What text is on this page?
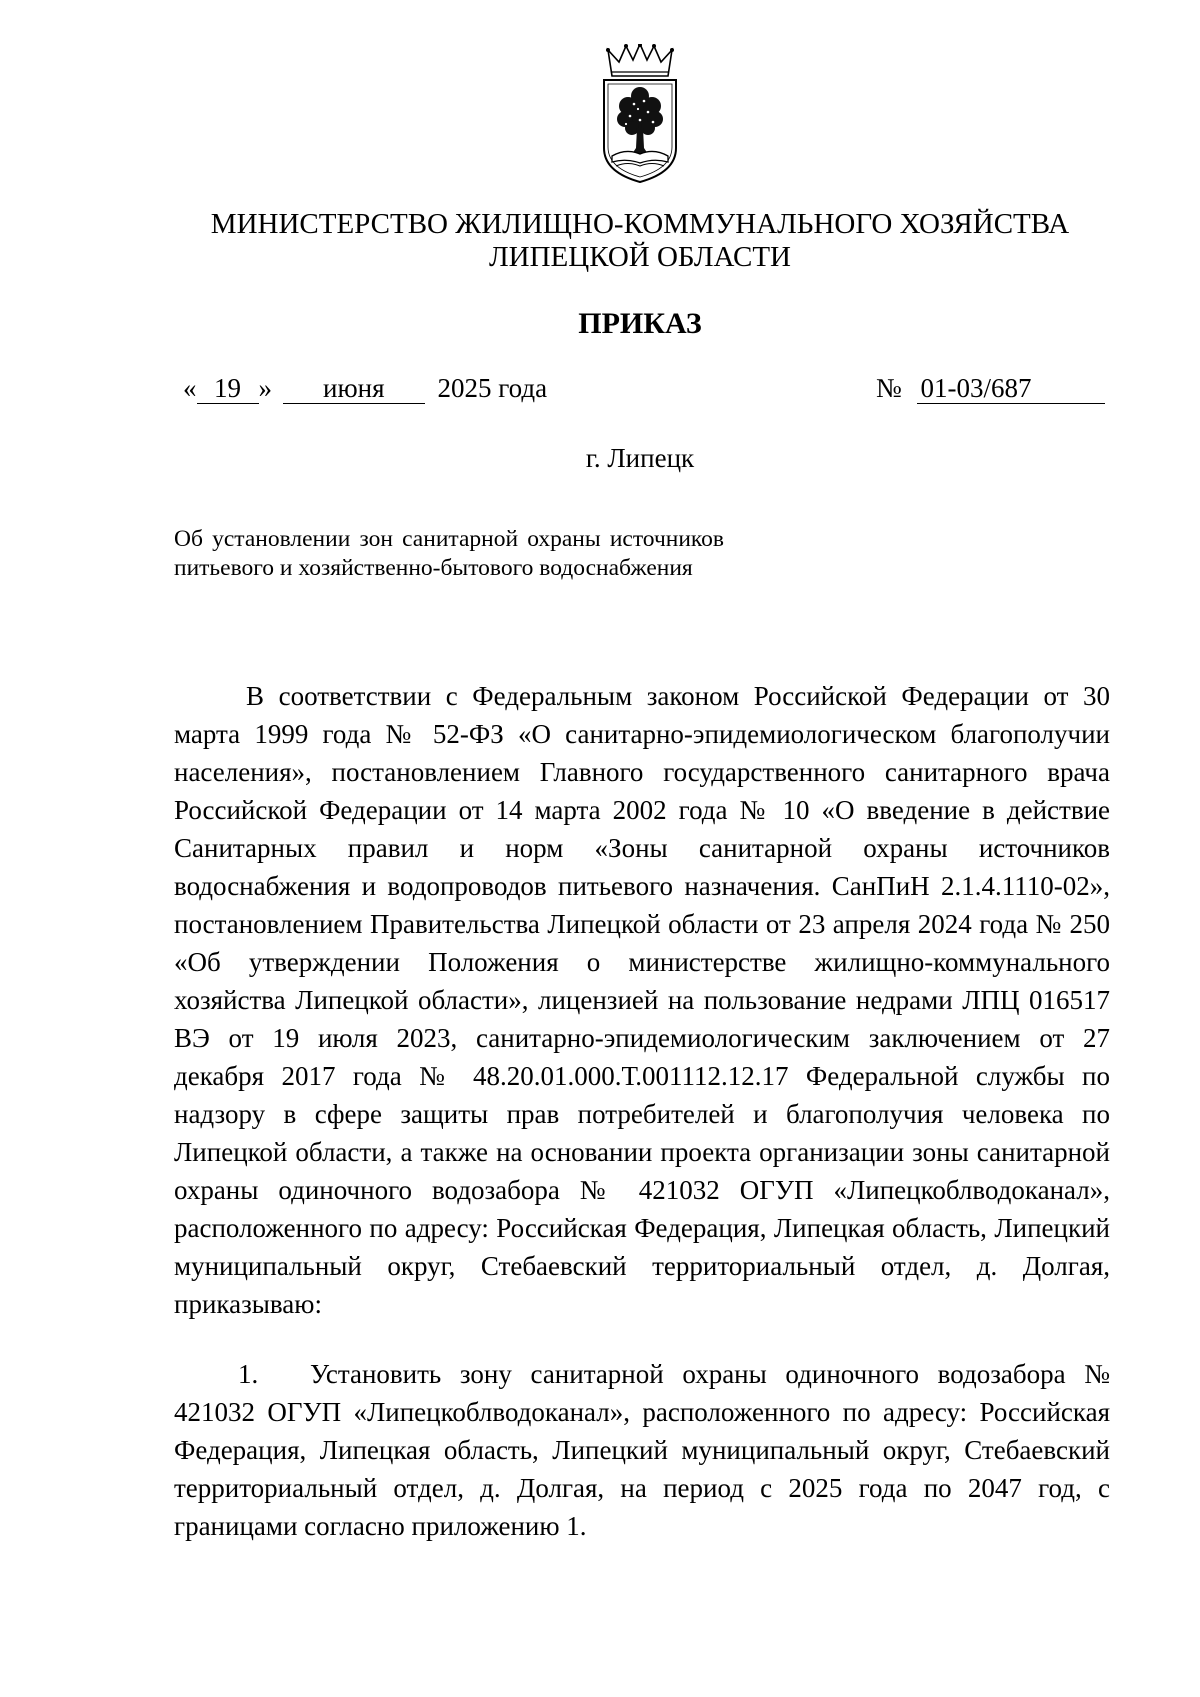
МИНИСТЕРСТВО ЖИЛИЩНО-КОММУНАЛЬНОГО ХОЗЯЙСТВА
ЛИПЕЦКОЙ ОБЛАСТИ
ПРИКАЗ
« 19 » июня 2025 года	№ 01-03/687
г. Липецк
Об установлении зон санитарной охраны источников питьевого и хозяйственно-бытового водоснабжения
В соответствии с Федеральным законом Российской Федерации от 30 марта 1999 года № 52-ФЗ «О санитарно-эпидемиологическом благополучии населения», постановлением Главного государственного санитарного врача Российской Федерации от 14 марта 2002 года № 10 «О введение в действие Санитарных правил и норм «Зоны санитарной охраны источников водоснабжения и водопроводов питьевого назначения. СанПиН 2.1.4.1110-02», постановлением Правительства Липецкой области от 23 апреля 2024 года № 250 «Об утверждении Положения о министерстве жилищно-коммунального хозяйства Липецкой области», лицензией на пользование недрами ЛПЦ 016517 ВЭ от 19 июля 2023, санитарно-эпидемиологическим заключением от 27 декабря 2017 года № 48.20.01.000.Т.001112.12.17 Федеральной службы по надзору в сфере защиты прав потребителей и благополучия человека по Липецкой области, а также на основании проекта организации зоны санитарной охраны одиночного водозабора № 421032 ОГУП «Липецкоблводоканал», расположенного по адресу: Российская Федерация, Липецкая область, Липецкий муниципальный округ, Стебаевский территориальный отдел, д. Долгая, приказываю:
1. Установить зону санитарной охраны одиночного водозабора № 421032 ОГУП «Липецкоблводоканал», расположенного по адресу: Российская Федерация, Липецкая область, Липецкий муниципальный округ, Стебаевский территориальный отдел, д. Долгая, на период с 2025 года по 2047 год, с границами согласно приложению 1.
